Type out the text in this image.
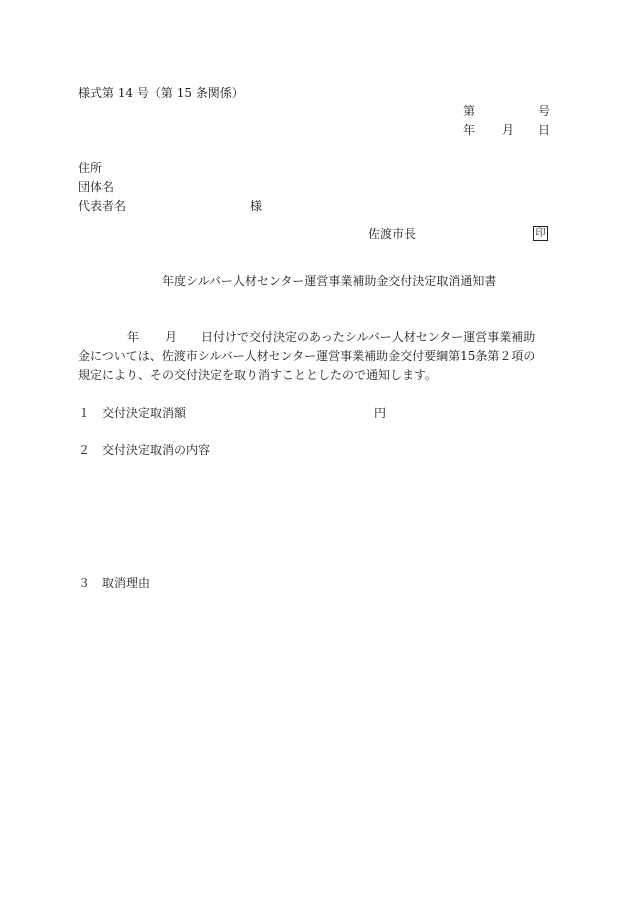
様式第 14 号（第 15 条関係）
第	号
年 月 日
住所
団体名
代表者名	様
佐渡市長	印
年度シルバー人材センター運営事業補助金交付決定取消通知書
年 月 日付けで交付決定のあったシルバー人材センター運営事業補助
金については、佐渡市シルバー人材センター運営事業補助金交付要綱第15条第２項の
規定により、その交付決定を取り消すこととしたので通知します。
１ 交付決定取消額	円
２ 交付決定取消の内容
３ 取消理由
